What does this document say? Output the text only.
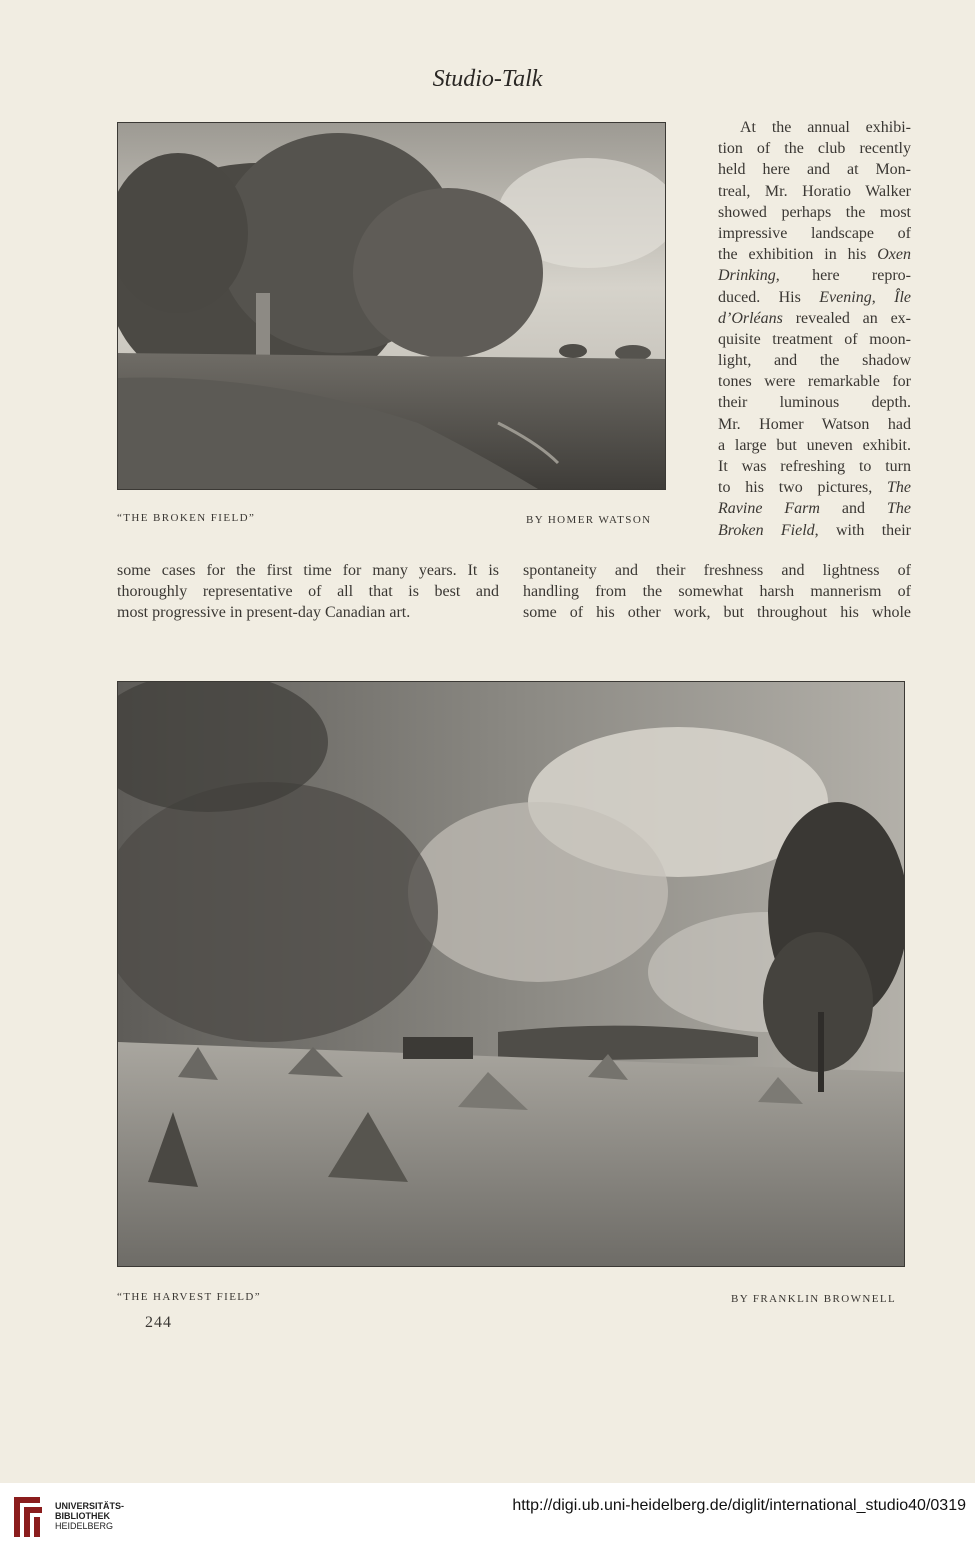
Studio-Talk
“THE BROKEN FIELD”	BY HOMER WATSON
At the annual exhibi-
tion of the club recently
held here and at Mon-
treal, Mr. Horatio Walker
showed perhaps the most
impressive landscape of
the exhibition in his Oxen
Drinking, here repro-
duced. His Evening, Île
d’Orléans revealed an ex-
quisite treatment of moon-
light, and the shadow
tones were remarkable for
their luminous depth.
Mr. Homer Watson had
a large but uneven exhibit.
It was refreshing to turn
to his two pictures, The
Ravine Farm and The
Broken Field, with their
some cases for the first time for many years. It is
thoroughly representative of all that is best and
most progressive in present-day Canadian art.
spontaneity and their freshness and lightness of
handling from the somewhat harsh mannerism of
some of his other work, but throughout his whole
“THE HARVEST FIELD”	BY FRANKLIN BROWNELL
244
UNIVERSITÄTS-
BIBLIOTHEK
HEIDELBERG
http://digi.ub.uni-heidelberg.de/diglit/international_studio40/0319
